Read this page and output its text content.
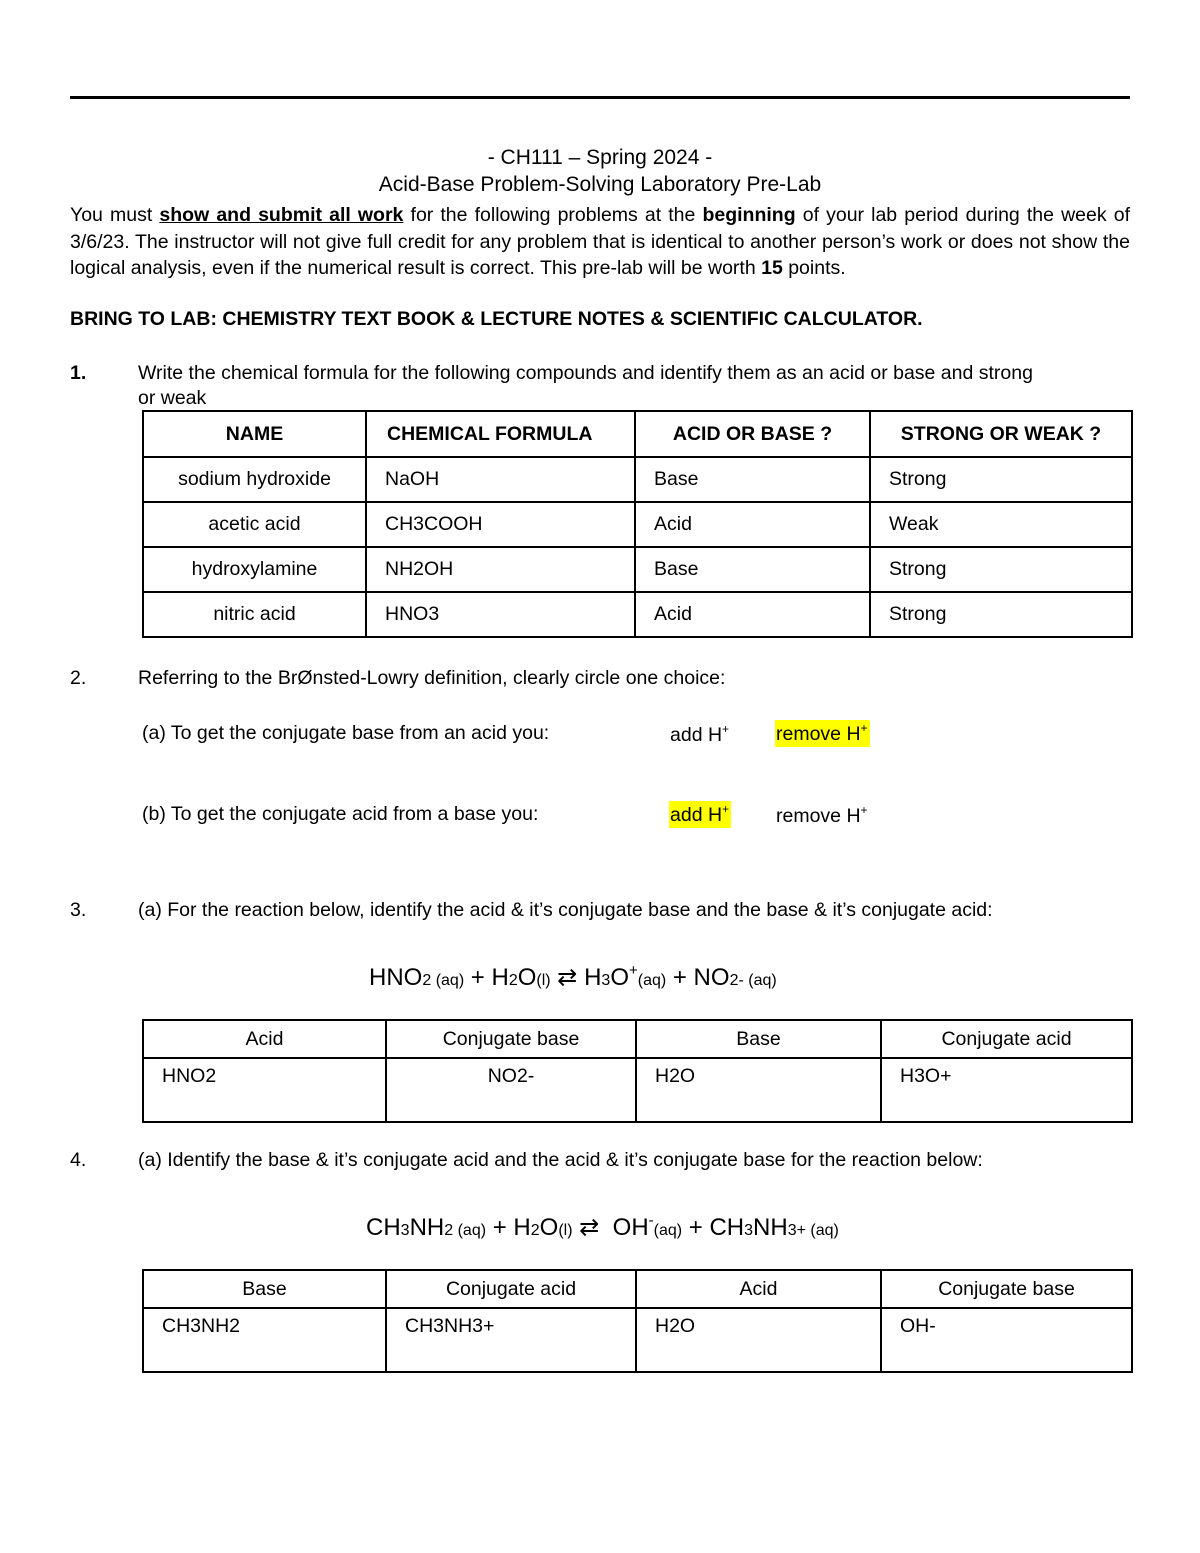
- CH111 – Spring 2024 -
Acid-Base Problem-Solving Laboratory Pre-Lab
You must show and submit all work for the following problems at the beginning of your lab period during the week of 3/6/23. The instructor will not give full credit for any problem that is identical to another person’s work or does not show the logical analysis, even if the numerical result is correct. This pre-lab will be worth 15 points.
BRING TO LAB: CHEMISTRY TEXT BOOK & LECTURE NOTES & SCIENTIFIC CALCULATOR.
1.	Write the chemical formula for the following compounds and identify them as an acid or base and strong
or weak
NAME	CHEMICAL FORMULA	ACID OR BASE ?	STRONG OR WEAK ?
sodium hydroxide	NaOH	Base	Strong
acetic acid	CH3COOH	Acid	Weak
hydroxylamine	NH2OH	Base	Strong
nitric acid	HNO3	Acid	Strong
2.	Referring to the BrØnsted-Lowry definition, clearly circle one choice:
(a) To get the conjugate base from an acid you:	add H+ remove H+
(b) To get the conjugate acid from a base you:	add H+ remove H+
3.	(a) For the reaction below, identify the acid & it’s conjugate base and the base & it’s conjugate acid:
HNO2 (aq) + H2O(l) ⇄ H3O+(aq) + NO2- (aq)
Acid	Conjugate base	Base	Conjugate acid
HNO2	NO2-	H2O	H3O+
4.	(a) Identify the base & it’s conjugate acid and the acid & it’s conjugate base for the reaction below:
CH3NH2 (aq) + H2O(l) ⇄  OH-(aq) + CH3NH3+ (aq)
Base	Conjugate acid	Acid	Conjugate base
CH3NH2	CH3NH3+	H2O	OH-
